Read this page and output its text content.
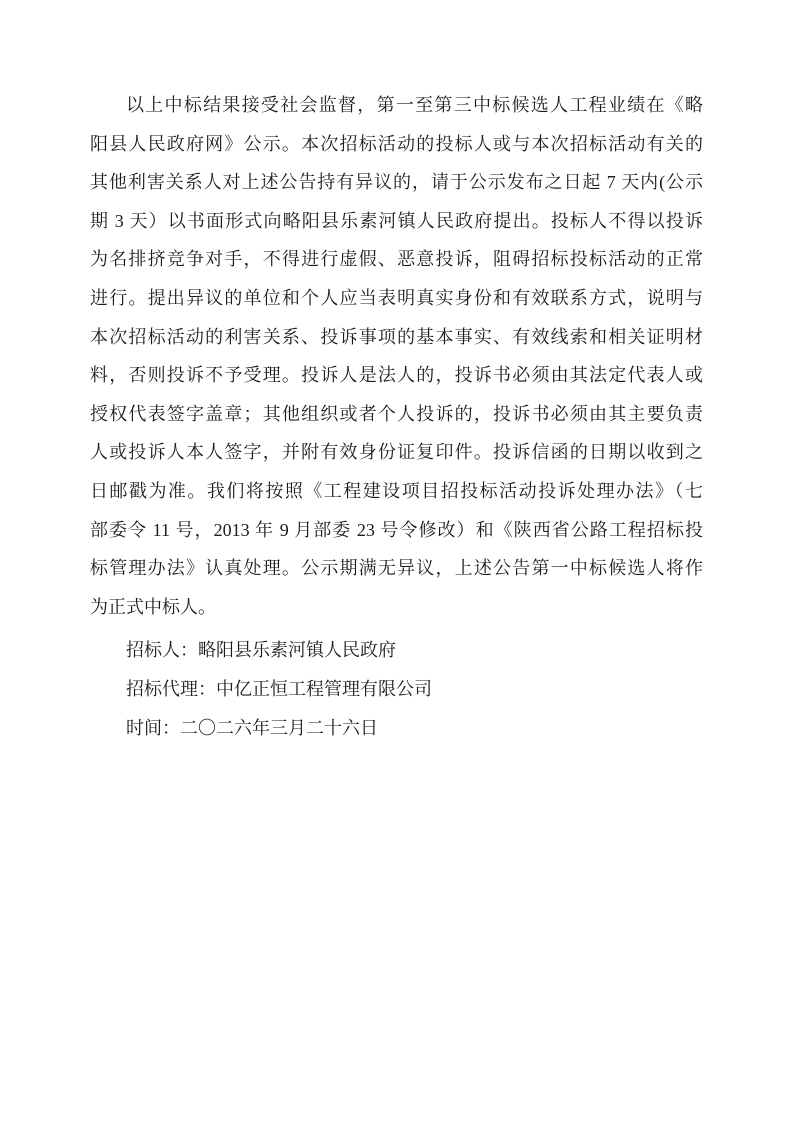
以上中标结果接受社会监督，第一至第三中标候选人工程业绩在《略
阳县人民政府网》公示。本次招标活动的投标人或与本次招标活动有关的
其他利害关系人对上述公告持有异议的，请于公示发布之日起 7 天内(公示
期 3 天）以书面形式向略阳县乐素河镇人民政府提出。投标人不得以投诉
为名排挤竞争对手，不得进行虚假、恶意投诉，阻碍招标投标活动的正常
进行。提出异议的单位和个人应当表明真实身份和有效联系方式，说明与
本次招标活动的利害关系、投诉事项的基本事实、有效线索和相关证明材
料，否则投诉不予受理。投诉人是法人的，投诉书必须由其法定代表人或
授权代表签字盖章；其他组织或者个人投诉的，投诉书必须由其主要负责
人或投诉人本人签字，并附有效身份证复印件。投诉信函的日期以收到之
日邮戳为准。我们将按照《工程建设项目招投标活动投诉处理办法》（七
部委令 11 号，2013 年 9 月部委 23 号令修改）和《陕西省公路工程招标投
标管理办法》认真处理。公示期满无异议，上述公告第一中标候选人将作
为正式中标人。
招标人：略阳县乐素河镇人民政府
招标代理：中亿正恒工程管理有限公司
时间：二〇二六年三月二十六日
